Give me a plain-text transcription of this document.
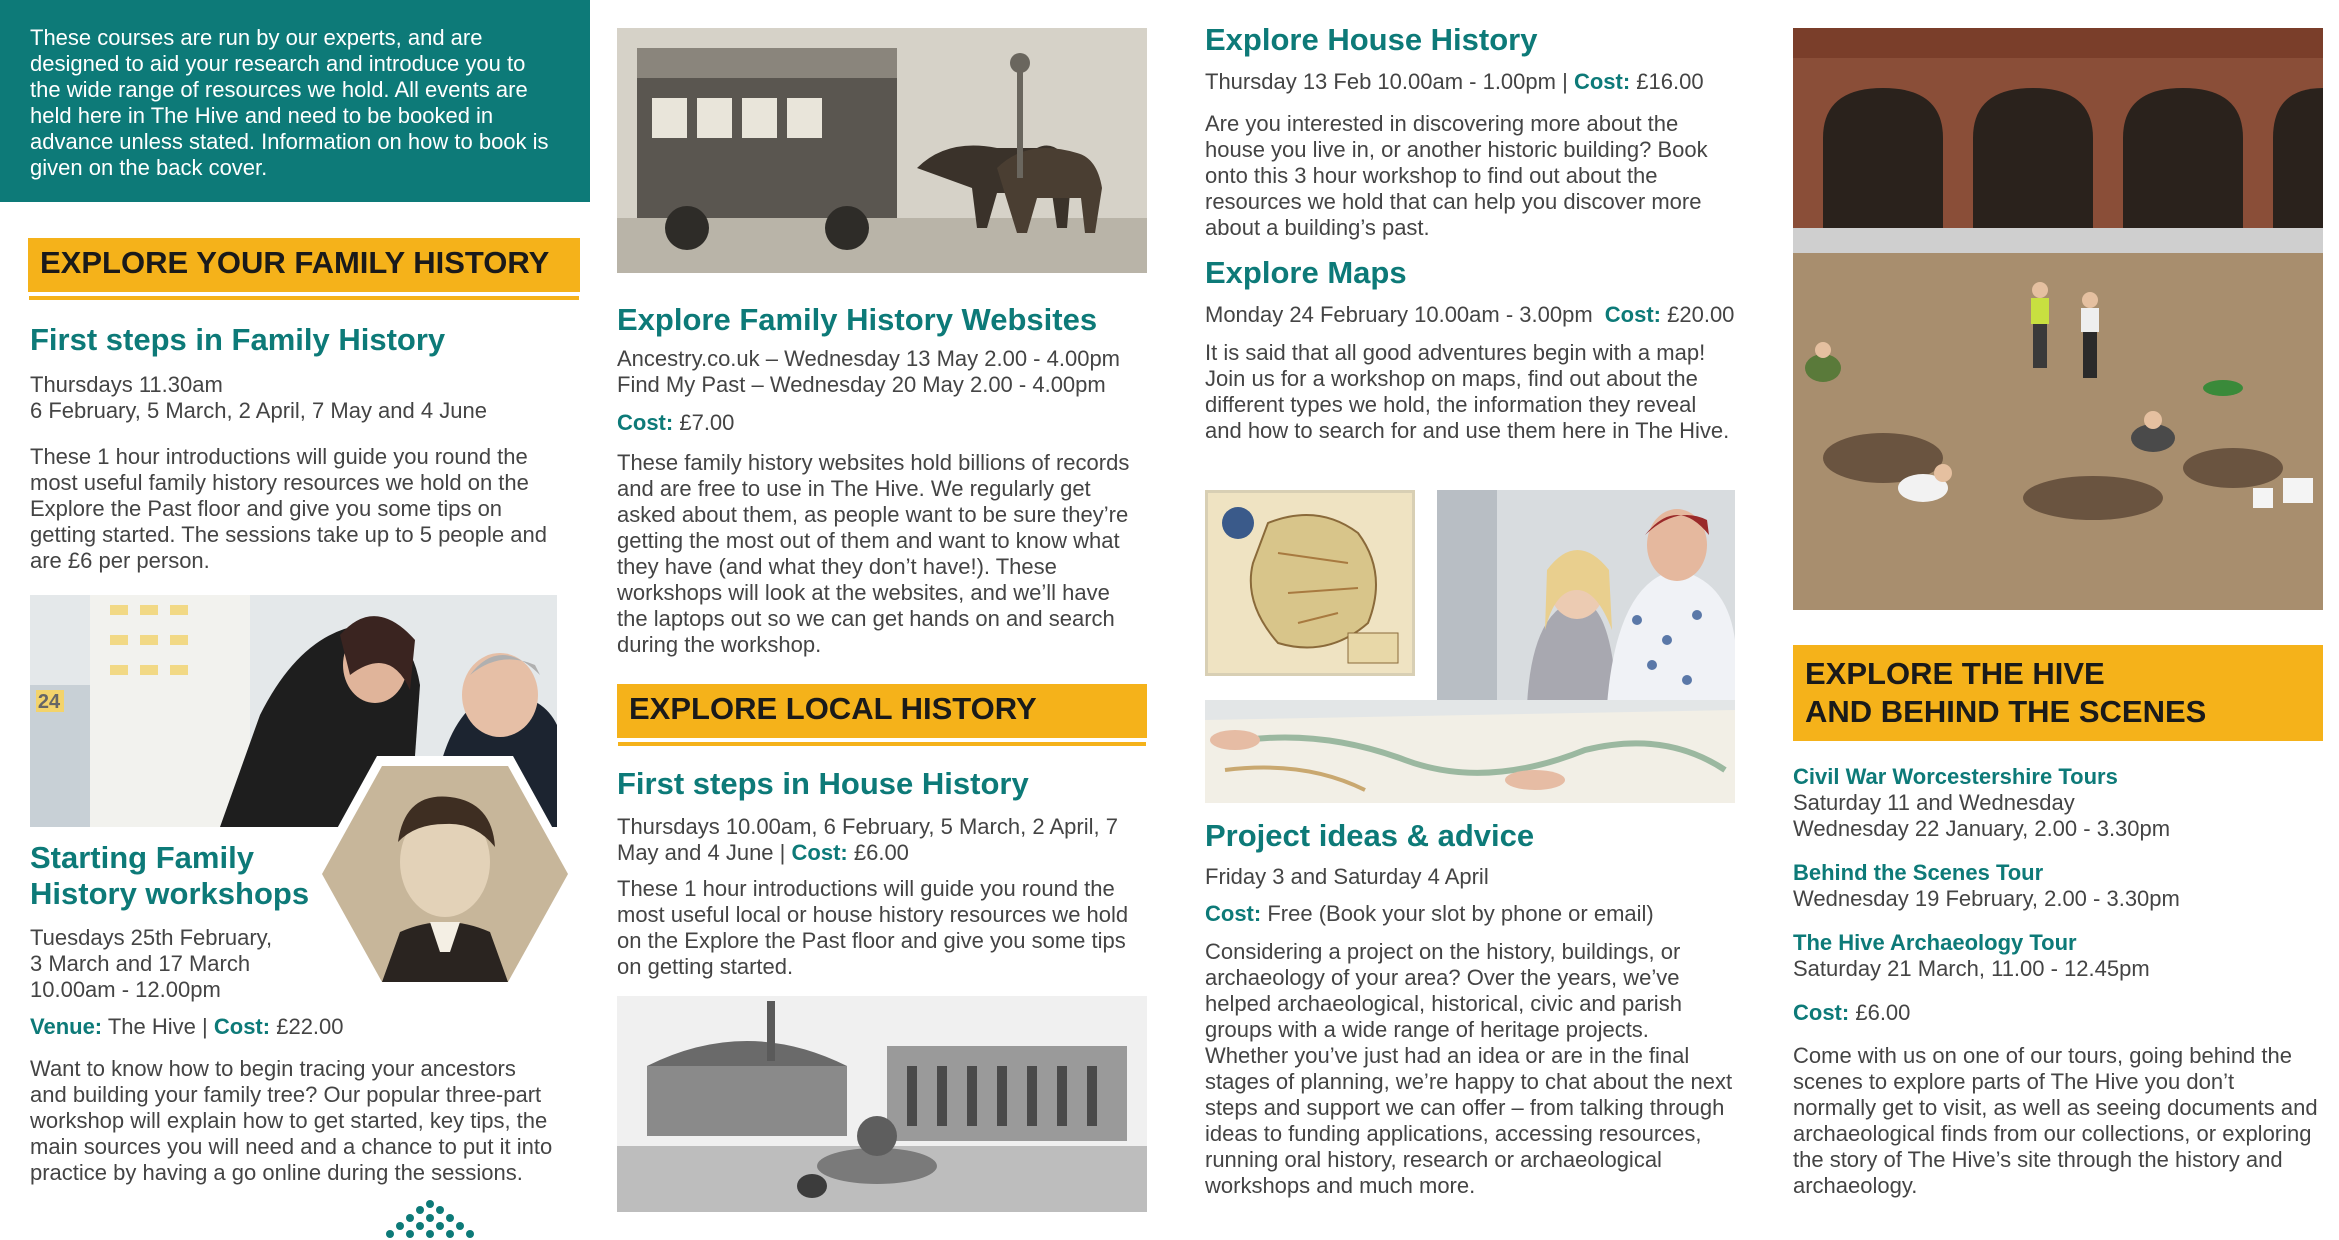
These courses are run by our experts, and are designed to aid your research and introduce you to the wide range of resources we hold. All events are held here in The Hive and need to be booked in advance unless stated. Information on how to book is given on the back cover.
EXPLORE YOUR FAMILY HISTORY
First steps in Family History
Thursdays 11.30am
6 February, 5 March, 2 April, 7 May and 4 June
These 1 hour introductions will guide you round the most useful family history resources we hold on the Explore the Past floor and give you some tips on getting started. The sessions take up to 5 people and are £6 per person.
24
Starting Family
History workshops
Tuesdays 25th February,
3 March and 17 March
10.00am - 12.00pm
Venue: The Hive | Cost: £22.00
Want to know how to begin tracing your ancestors and building your family tree? Our popular three-part workshop will explain how to get started, key tips, the main sources you will need and a chance to put it into practice by having a go online during the sessions.
Explore Family History Websites
Ancestry.co.uk – Wednesday 13 May 2.00 - 4.00pm
Find My Past – Wednesday 20 May 2.00 - 4.00pm
Cost: £7.00
These family history websites hold billions of records and are free to use in The Hive. We regularly get asked about them, as people want to be sure they’re getting the most out of them and want to know what they have (and what they don’t have!). These workshops will look at the websites, and we’ll have the laptops out so we can get hands on and search during the workshop.
EXPLORE LOCAL HISTORY
First steps in House History
Thursdays 10.00am, 6 February, 5 March, 2 April, 7
May and 4 June | Cost: £6.00
These 1 hour introductions will guide you round the most useful local or house history resources we hold on the Explore the Past floor and give you some tips on getting started.
Explore House History
Thursday 13 Feb 10.00am - 1.00pm | Cost: £16.00
Are you interested in discovering more about the house you live in, or another historic building? Book onto this 3 hour workshop to find out about the resources we hold that can help you discover more about a building’s past.
Explore Maps
Monday 24 February 10.00am - 3.00pm Cost: £20.00
It is said that all good adventures begin with a map! Join us for a workshop on maps, find out about the different types we hold, the information they reveal and how to search for and use them here in The Hive.
Project ideas & advice
Friday 3 and Saturday 4 April
Cost: Free (Book your slot by phone or email)
Considering a project on the history, buildings, or archaeology of your area? Over the years, we’ve helped archaeological, historical, civic and parish groups with a wide range of heritage projects. Whether you’ve just had an idea or are in the final stages of planning, we’re happy to chat about the next steps and support we can offer – from talking through ideas to funding applications, accessing resources, running oral history, research or archaeological workshops and much more.
EXPLORE THE HIVE
AND BEHIND THE SCENES
Civil War Worcestershire Tours
Saturday 11 and Wednesday
Wednesday 22 January, 2.00 - 3.30pm
Behind the Scenes Tour
Wednesday 19 February, 2.00 - 3.30pm
The Hive Archaeology Tour
Saturday 21 March, 11.00 - 12.45pm
Cost: £6.00
Come with us on one of our tours, going behind the scenes to explore parts of The Hive you don’t normally get to visit, as well as seeing documents and archaeological finds from our collections, or exploring the story of The Hive’s site through the history and archaeology.
